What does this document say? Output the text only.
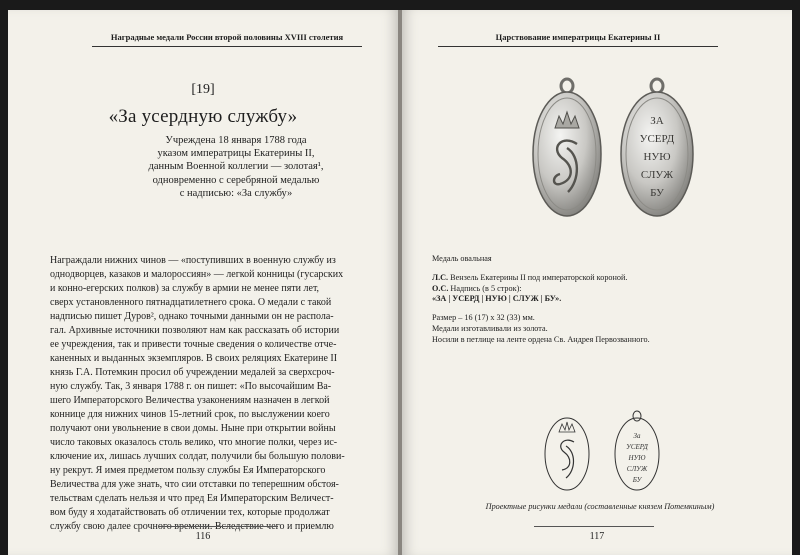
Наградные медали России второй половины XVIII столетия
[19]
«За усердную службу»
Учреждена 18 января 1788 года
указом императрицы Екатерины II,
данным Военной коллегии — золотая¹,
одновременно с серебряной медалью
с надписью: «За службу»

Награждали нижних чинов — «поступивших в военную службу из

однодворцев, казаков и малороссиян» — легкой конницы (гусарских

и конно-егерских полков) за службу в армии не менее пяти лет,

сверх установленного пятнадцатилетнего срока. О медали с такой

надписью пишет Дуров², однако точными данными он не распола-

гал. Архивные источники позволяют нам как рассказать об истории

ее учреждения, так и привести точные сведения о количестве отче-

каненных и выданных экземпляров. В своих реляциях Екатерине II

князь Г.А. Потемкин просил об учреждении медалей за сверхсроч-

ную службу. Так, 3 января 1788 г. он пишет: «По высочайшим Ва-

шего Императорского Величества узаконениям назначен в легкой

коннице для нижних чинов 15-летний срок, по выслужении коего

получают они увольнение в свои домы. Ныне при открытии войны

число таковых оказалось столь велико, что многие полки, через ис-

ключение их, лишась лучших солдат, получили бы большую полови-

ну рекрут. Я имея предметом пользу службы Ея Императорского

Величества для уже знать, что сии отставки по теперешним обстоя-

тельствам сделать нельзя и что пред Ея Императорским Величест-

вом буду я ходатайствовать об отличении тех, которые продолжат

службу свою далее срочного времени. Вследствие чего и приемлю

116
Царствование императрицы Екатерины II
ЗА
УСЕРД
НУЮ
СЛУЖ
БУ
Медаль овальная
Л.С. Вензель Екатерины II под императорской короной.
О.С. Надпись (в 5 строк):
«ЗА | УСЕРД | НУЮ | СЛУЖ | БУ».
Размер – 16 (17) х 32 (33) мм.
Медали изготавливали из золота.
Носили в петлице на ленте ордена Св. Андрея Первозванного.
За
УСЕРД
НУЮ
СЛУЖ
БУ
Проектные рисунки медали (составленные князем Потемкиным)
117
